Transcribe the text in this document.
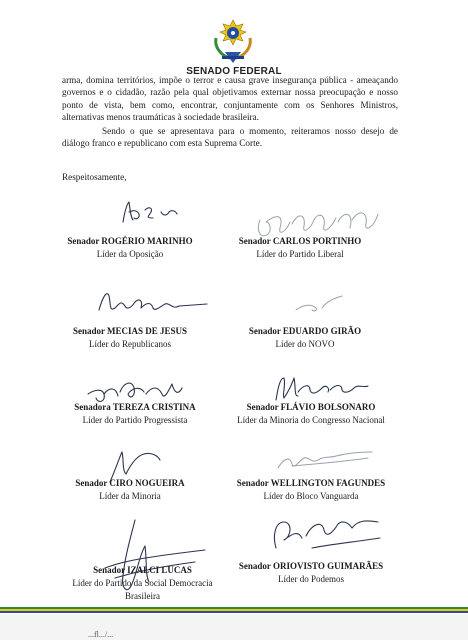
SENADO FEDERAL

arma, domina territórios, impõe o terror e causa grave insegurança pública - ameaçando governos e o cidadão, razão pela qual objetivamos externar nossa preocupação e nosso ponto de vista, bem como, encontrar, conjuntamente com os Senhores Ministros, alternativas menos traumáticas à sociedade brasileira.

Sendo o que se apresentava para o momento, reiteramos nosso desejo de diálogo franco e republicano com esta Suprema Corte.

Respeitosamente,
Senador ROGÉRIO MARINHO
Líder da Oposição
Senador CARLOS PORTINHO
Líder do Partido Liberal
Senador MECIAS DE JESUS
Líder do Republicanos
Senador EDUARDO GIRÃO
Líder do NOVO
Senadora TEREZA CRISTINA
Líder do Partido Progressista
Senador FLÁVIO BOLSONARO
Líder da Minoria do Congresso Nacional
Senador CIRO NOGUEIRA
Líder da Minoria
Senador WELLINGTON FAGUNDES
Líder do Bloco Vanguarda
Senador IZALCI LUCAS
Líder do Partido da Social Democracia
Brasileira
Senador ORIOVISTO GUIMARÃES
Líder do Podemos
...fl.../...
